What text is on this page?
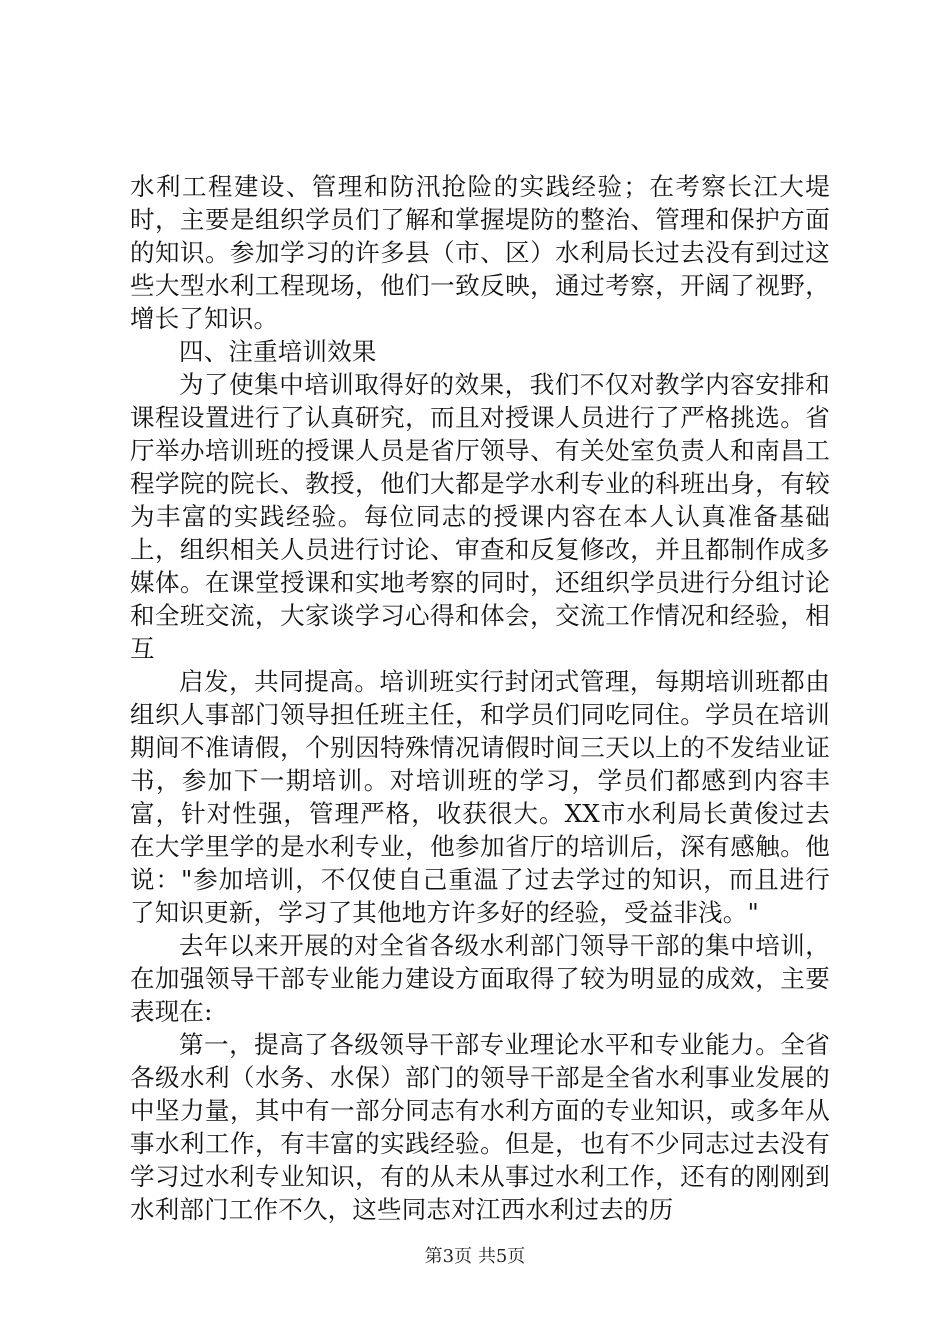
水利工程建设、管理和防汛抢险的实践经验；在考察长江大堤时，主要是组织学员们了解和掌握堤防的整治、管理和保护方面的知识。参加学习的许多县（市、区）水利局长过去没有到过这些大型水利工程现场，他们一致反映，通过考察，开阔了视野，增长了知识。

四、注重培训效果

为了使集中培训取得好的效果，我们不仅对教学内容安排和课程设置进行了认真研究，而且对授课人员进行了严格挑选。省厅举办培训班的授课人员是省厅领导、有关处室负责人和南昌工程学院的院长、教授，他们大都是学水利专业的科班出身，有较为丰富的实践经验。每位同志的授课内容在本人认真准备基础上，组织相关人员进行讨论、审查和反复修改，并且都制作成多媒体。在课堂授课和实地考察的同时，还组织学员进行分组讨论和全班交流，大家谈学习心得和体会，交流工作情况和经验，相互

启发，共同提高。培训班实行封闭式管理，每期培训班都由组织人事部门领导担任班主任，和学员们同吃同住。学员在培训期间不准请假，个别因特殊情况请假时间三天以上的不发结业证书，参加下一期培训。对培训班的学习，学员们都感到内容丰富，针对性强，管理严格，收获很大。XX市水利局长黄俊过去在大学里学的是水利专业，他参加省厅的培训后，深有感触。他说："参加培训，不仅使自己重温了过去学过的知识，而且进行了知识更新，学习了其他地方许多好的经验，受益非浅。"

去年以来开展的对全省各级水利部门领导干部的集中培训，在加强领导干部专业能力建设方面取得了较为明显的成效，主要表现在:

第一，提高了各级领导干部专业理论水平和专业能力。全省各级水利（水务、水保）部门的领导干部是全省水利事业发展的中坚力量，其中有一部分同志有水利方面的专业知识，或多年从事水利工作，有丰富的实践经验。但是，也有不少同志过去没有学习过水利专业知识，有的从未从事过水利工作，还有的刚刚到水利部门工作不久，这些同志对江西水利过去的历

第3页 共5页
